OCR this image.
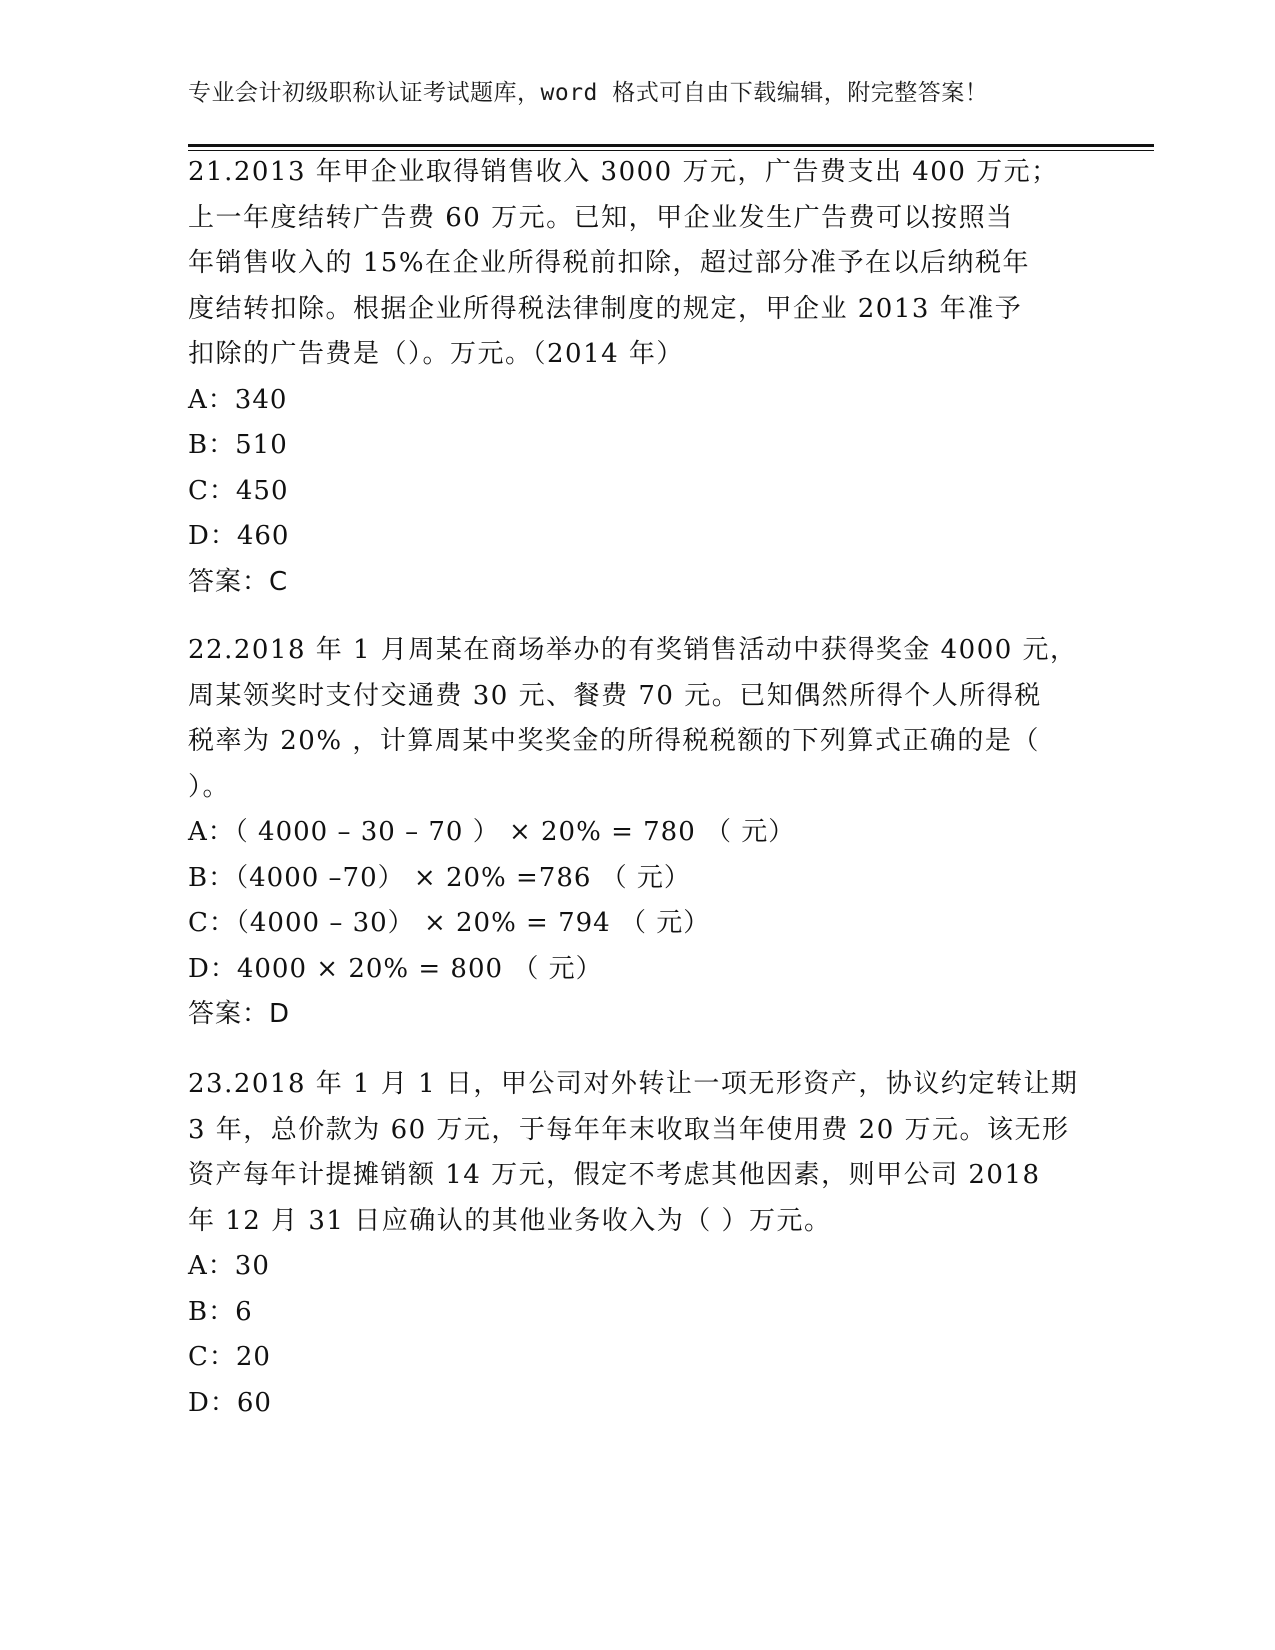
专业会计初级职称认证考试题库，word 格式可自由下载编辑，附完整答案！
21.2013 年甲企业取得销售收入 3000 万元，广告费支出 400 万元；
上一年度结转广告费 60 万元。已知，甲企业发生广告费可以按照当
年销售收入的 15%在企业所得税前扣除，超过部分准予在以后纳税年
度结转扣除。根据企业所得税法律制度的规定，甲企业 2013 年准予
扣除的广告费是（）。万元。（2014 年）
A：340
B：510
C：450
D：460
答案：C
22.2018 年 1 月周某在商场举办的有奖销售活动中获得奖金 4000 元，
周某领奖时支付交通费 30 元、餐费 70 元。已知偶然所得个人所得税
税率为 20% ，计算周某中奖奖金的所得税税额的下列算式正确的是（
）。
A：（ 4000 – 30 – 70 ） × 20% = 780 （ 元）
B：（4000 –70） × 20% =786 （ 元）
C：（4000 – 30） × 20% = 794 （ 元）
D：4000 × 20% = 800 （ 元）
答案：D
23.2018 年 1 月 1 日，甲公司对外转让一项无形资产，协议约定转让期
3 年，总价款为 60 万元，于每年年末收取当年使用费 20 万元。该无形
资产每年计提摊销额 14 万元，假定不考虑其他因素，则甲公司 2018
年 12 月 31 日应确认的其他业务收入为（ ）万元。
A：30
B：6
C：20
D：60
